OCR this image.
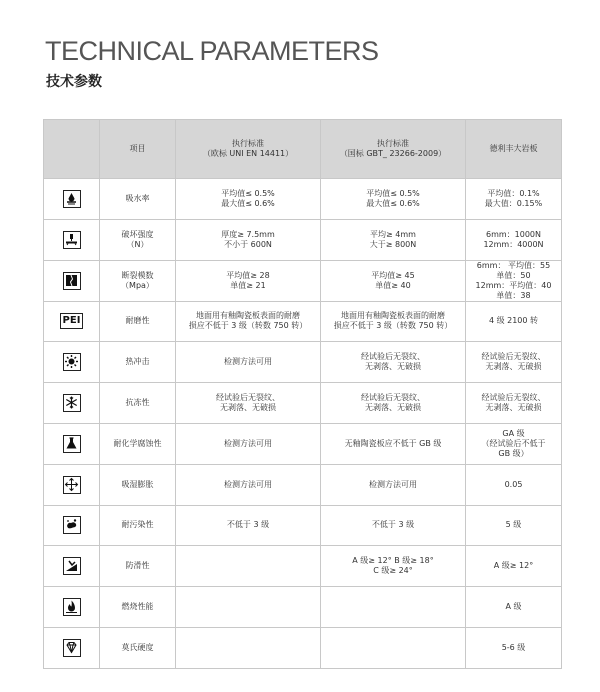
TECHNICAL PARAMETERS
技术参数
	项目	执行标准
（欧标 UNI EN 14411）	执行标准
（国标 GBT_ 23266-2009）	德利丰大岩板

	吸水率	平均值≤ 0.5%
最大值≤ 0.6%	平均值≤ 0.5%
最大值≤ 0.6%	平均值：0.1%
最大值：0.15%

	破坏强度
（N）	厚度≥ 7.5mm
不小于 600N	平均≥ 4mm
大于≥ 800N	6mm：1000N
12mm：4000N

	断裂模数
（Mpa）	平均值≥ 28
单值≥ 21	平均值≥ 45
单值≥ 40	6mm： 平均值：55
单值：50
12mm：平均值：40
单值：38
PEI	耐磨性	地面用有釉陶瓷板表面的耐磨
损应不低于 3 级（转数 750 转）	地面用有釉陶瓷板表面的耐磨
损应不低于 3 级（转数 750 转）	4 级 2100 转

	热冲击	检测方法可用	经试验后无裂纹、
无剥落、无破损	经试验后无裂纹、
无剥落、无破损

	抗冻性	经试验后无裂纹、
无剥落、无破损	经试验后无裂纹、
无剥落、无破损	经试验后无裂纹、
无剥落、无破损

	耐化学腐蚀性	检测方法可用	无釉陶瓷板应不低于 GB 级	GA 级
（经试验后不低于
GB 级）

	吸湿膨胀	检测方法可用	检测方法可用	0.05

	耐污染性	不低于 3 级	不低于 3 级	5 级

	防滑性		A 级≥ 12° B 级≥ 18°
C 级≥ 24°	A 级≥ 12°

	燃烧性能			A 级

	莫氏硬度			5-6 级
